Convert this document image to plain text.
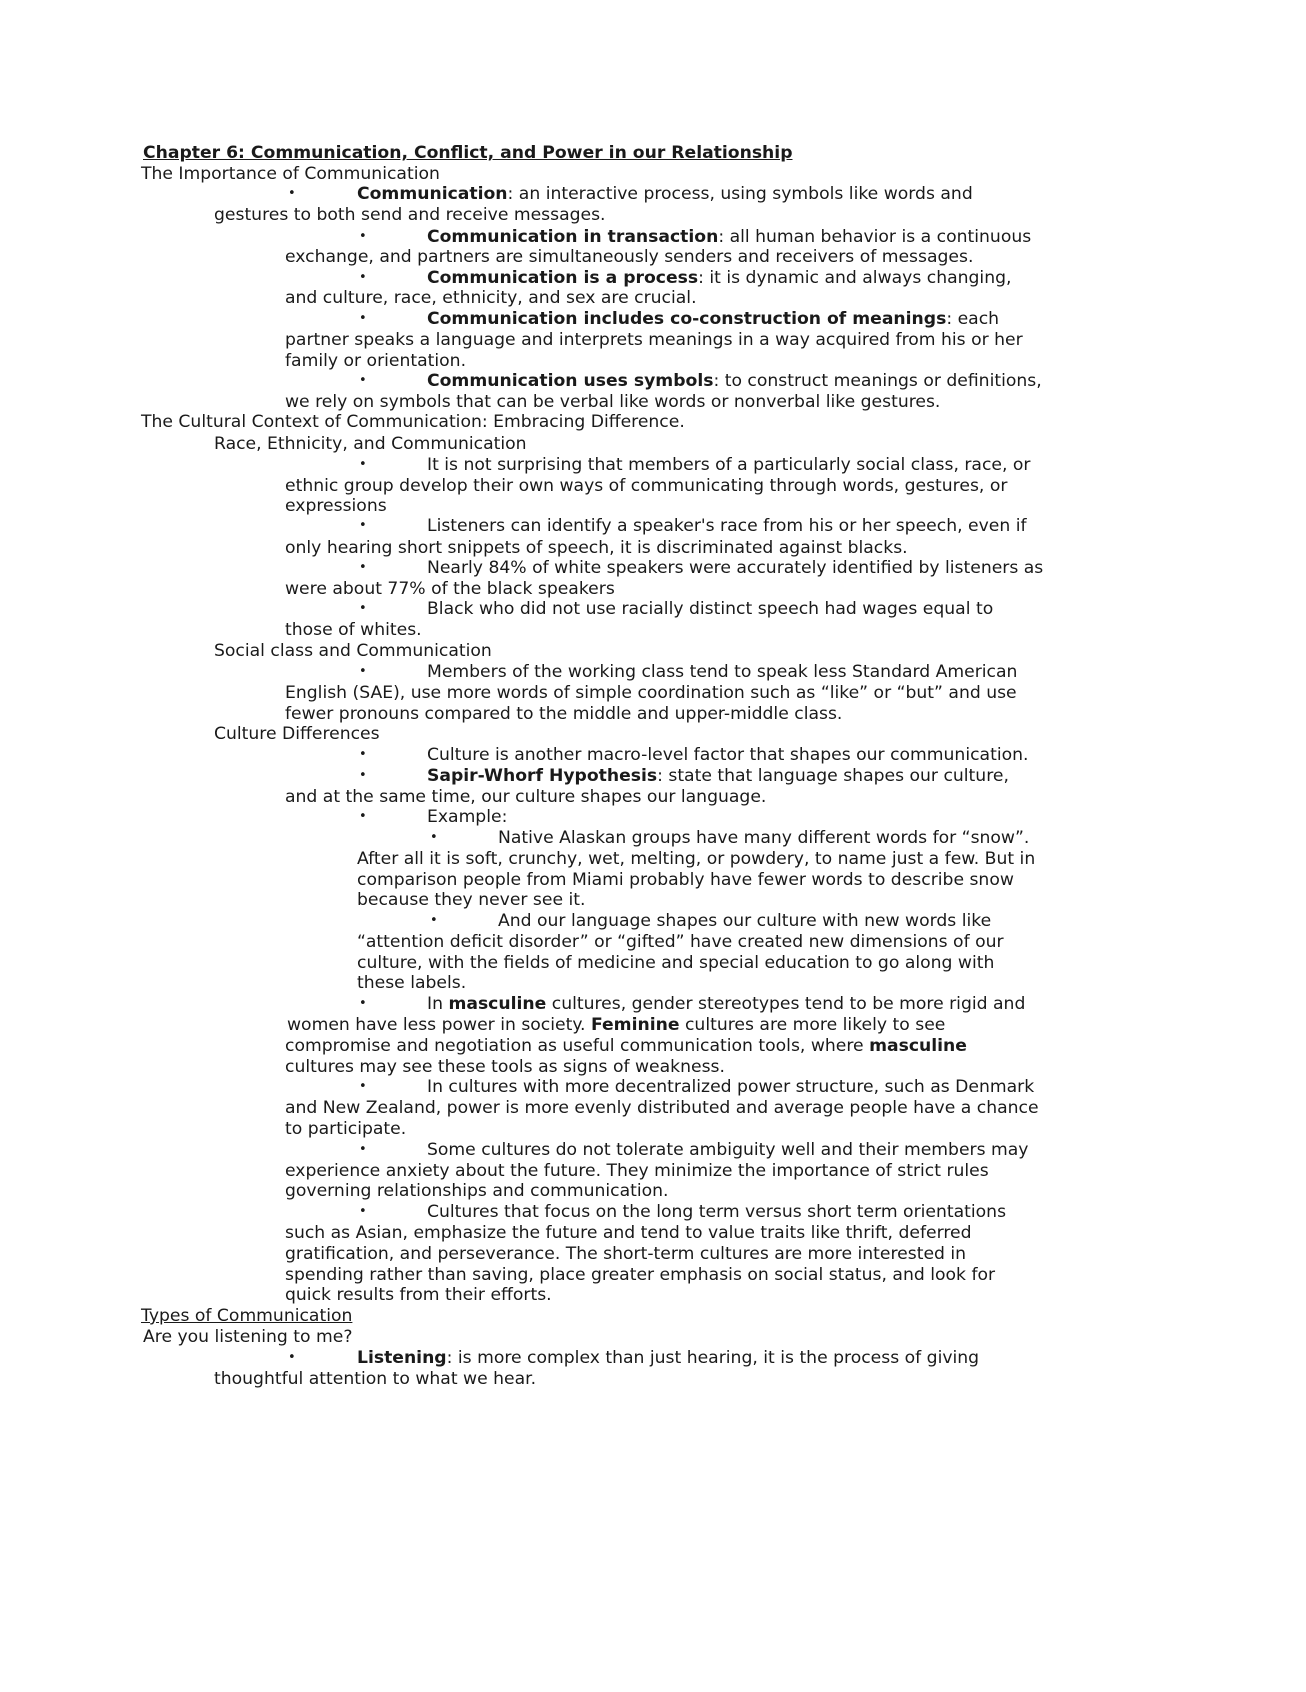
Chapter 6: Communication, Conflict, and Power in our Relationship
The Importance of Communication
•	Communication: an interactive process, using symbols like words and
gestures to both send and receive messages.
•	Communication in transaction: all human behavior is a continuous
exchange, and partners are simultaneously senders and receivers of messages.
•	Communication is a process: it is dynamic and always changing,
and culture, race, ethnicity, and sex are crucial.
•	Communication includes co-construction of meanings: each
partner speaks a language and interprets meanings in a way acquired from his or her
family or orientation.
•	Communication uses symbols: to construct meanings or definitions,
we rely on symbols that can be verbal like words or nonverbal like gestures.
The Cultural Context of Communication: Embracing Difference.
Race, Ethnicity, and Communication
•	It is not surprising that members of a particularly social class, race, or
ethnic group develop their own ways of communicating through words, gestures, or
expressions
•	Listeners can identify a speaker's race from his or her speech, even if
only hearing short snippets of speech, it is discriminated against blacks.
•	Nearly 84% of white speakers were accurately identified by listeners as
were about 77% of the black speakers
•	Black who did not use racially distinct speech had wages equal to
those of whites.
Social class and Communication
•	Members of the working class tend to speak less Standard American
English (SAE), use more words of simple coordination such as “like” or “but” and use
fewer pronouns compared to the middle and upper-middle class.
Culture Differences
•	Culture is another macro-level factor that shapes our communication.
•	Sapir-Whorf Hypothesis: state that language shapes our culture,
and at the same time, our culture shapes our language.
•	Example:
•	Native Alaskan groups have many different words for “snow”.
After all it is soft, crunchy, wet, melting, or powdery, to name just a few. But in
comparison people from Miami probably have fewer words to describe snow
because they never see it.
•	And our language shapes our culture with new words like
“attention deficit disorder” or “gifted” have created new dimensions of our
culture, with the fields of medicine and special education to go along with
these labels.
•	In masculine cultures, gender stereotypes tend to be more rigid and
women have less power in society. Feminine cultures are more likely to see
compromise and negotiation as useful communication tools, where masculine
cultures may see these tools as signs of weakness.
•	In cultures with more decentralized power structure, such as Denmark
and New Zealand, power is more evenly distributed and average people have a chance
to participate.
•	Some cultures do not tolerate ambiguity well and their members may
experience anxiety about the future. They minimize the importance of strict rules
governing relationships and communication.
•	Cultures that focus on the long term versus short term orientations
such as Asian, emphasize the future and tend to value traits like thrift, deferred
gratification, and perseverance. The short-term cultures are more interested in
spending rather than saving, place greater emphasis on social status, and look for
quick results from their efforts.
Types of Communication
Are you listening to me?
•	Listening: is more complex than just hearing, it is the process of giving
thoughtful attention to what we hear.
